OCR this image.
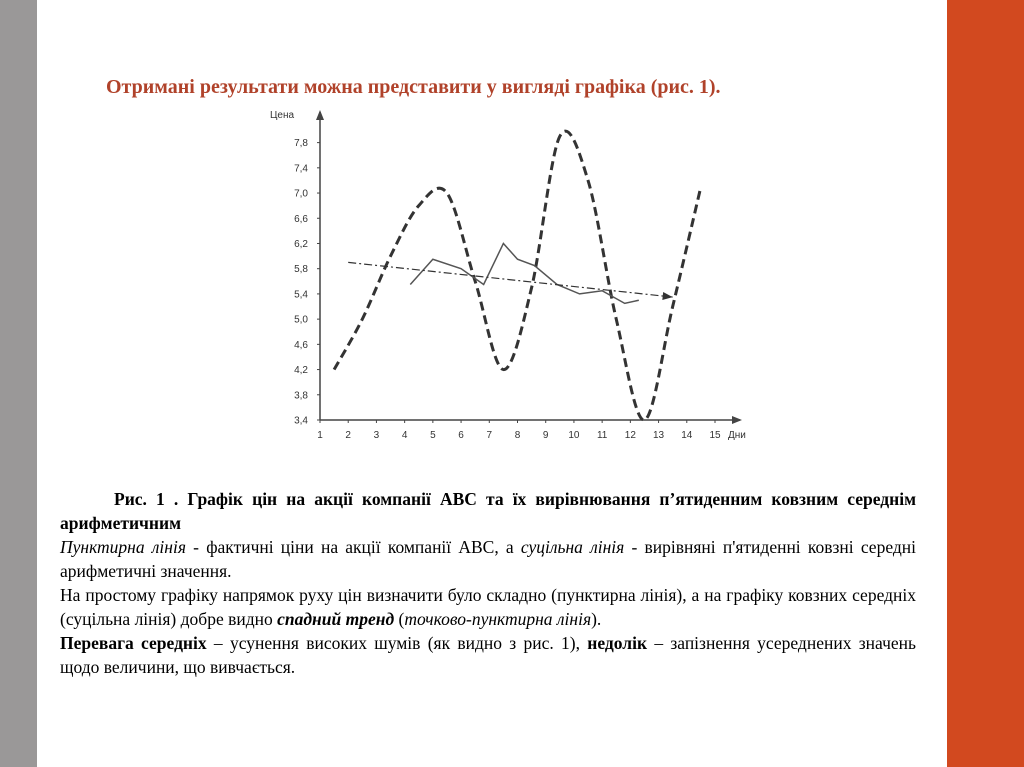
Отримані результати можна представити у вигляді графіка (рис. 1).
Цена
Дни
3,4
3,8
4,2
4,6
5,0
5,4
5,8
6,2
6,6
7,0
7,4
7,8
1 2 3 4 5 6 7 8 9 10 11 12 13 14 15

Рис. 1 . Графік цін на акції компанії ABC та їх вирівнювання п’ятиденним ковзним середнім арифметичним

Пунктирна лінія - фактичні ціни на акції компанії ABC, а суцільна лінія - вирівняні п'ятиденні ковзні середні арифметичні значення.

На простому графіку напрямок руху цін визначити було складно (пунктирна лінія), а на графіку ковзних середніх (суцільна лінія) добре видно спадний тренд (точково-пунктирна лінія).

Перевага середніх – усунення високих шумів (як видно з рис. 1), недолік – запізнення усереднених значень щодо величини, що вивчається.
